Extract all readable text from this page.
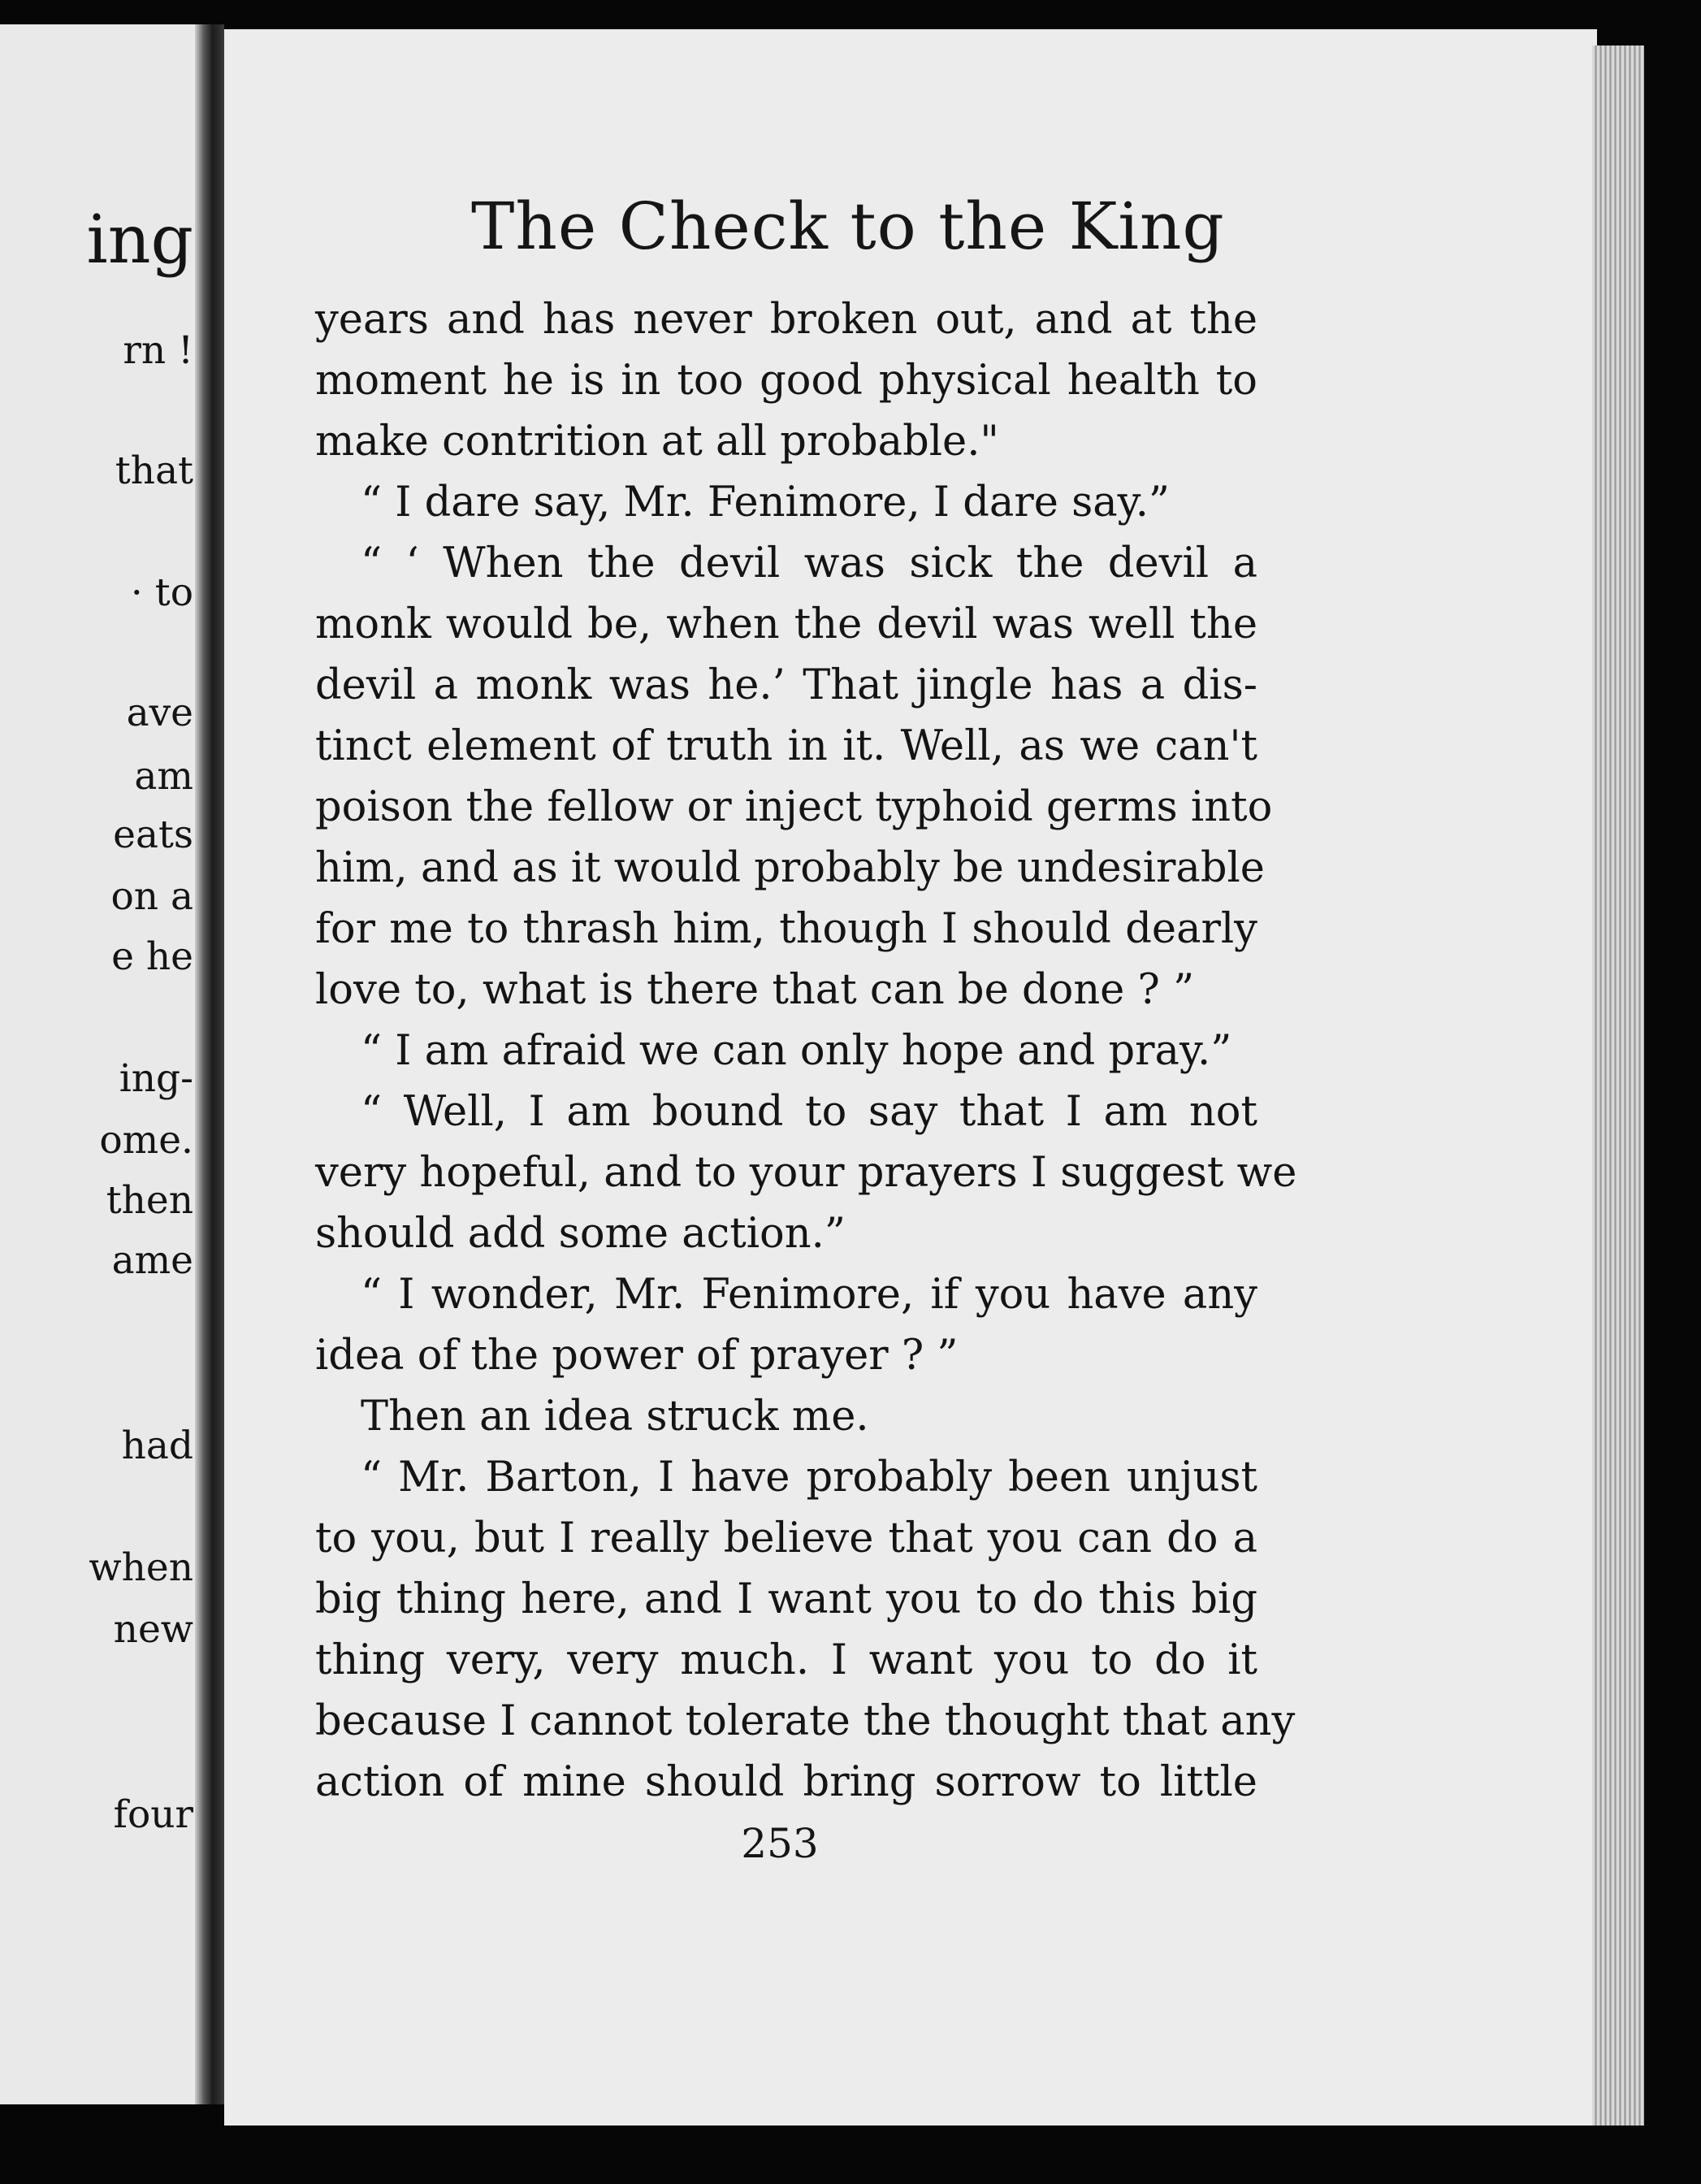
ing
rn !
that
· to
ave
am
eats
on a
e he
ing-
ome.
then
ame
had
when
new
four
The Check to the King
years and has never broken out, and at the
moment he is in too good physical health to
make contrition at all probable."
“ I dare say, Mr. Fenimore, I dare say.”
“ ‘ When the devil was sick the devil a
monk would be, when the devil was well the
devil a monk was he.’ That jingle has a dis-
tinct element of truth in it. Well, as we can't
poison the fellow or inject typhoid germs into
him, and as it would probably be undesirable
for me to thrash him, though I should dearly
love to, what is there that can be done ? ”
“ I am afraid we can only hope and pray.”
“ Well, I am bound to say that I am not
very hopeful, and to your prayers I suggest we
should add some action.”
“ I wonder, Mr. Fenimore, if you have any
idea of the power of prayer ? ”
Then an idea struck me.
“ Mr. Barton, I have probably been unjust
to you, but I really believe that you can do a
big thing here, and I want you to do this big
thing very, very much. I want you to do it
because I cannot tolerate the thought that any
action of mine should bring sorrow to little
253
